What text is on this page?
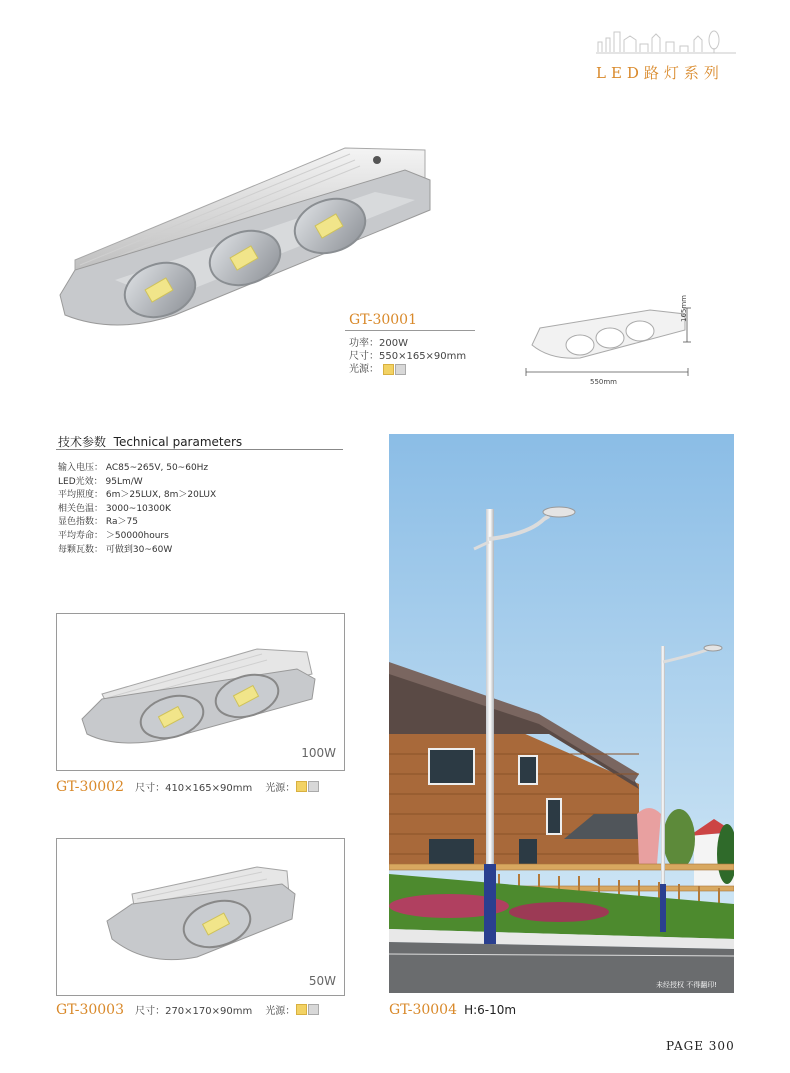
LED路灯系列
GT-30001
功率：200W
尺寸：550×165×90mm
光源：
165mm
550mm
技术参数 Technical parameters
输入电压： AC85~265V, 50~60Hz
LED光效： 95Lm/W
平均照度： 6m＞25LUX, 8m＞20LUX
相关色温： 3000~10300K
显色指数： Ra＞75
平均寿命： ＞50000hours
每颗瓦数： 可做到30~60W
100W
GT-30002 尺寸：410×165×90mm 光源：
50W
GT-30003 尺寸：270×170×90mm 光源：
未经授权 不得翻印!
GT-30004 H:6-10m
PAGE 300
